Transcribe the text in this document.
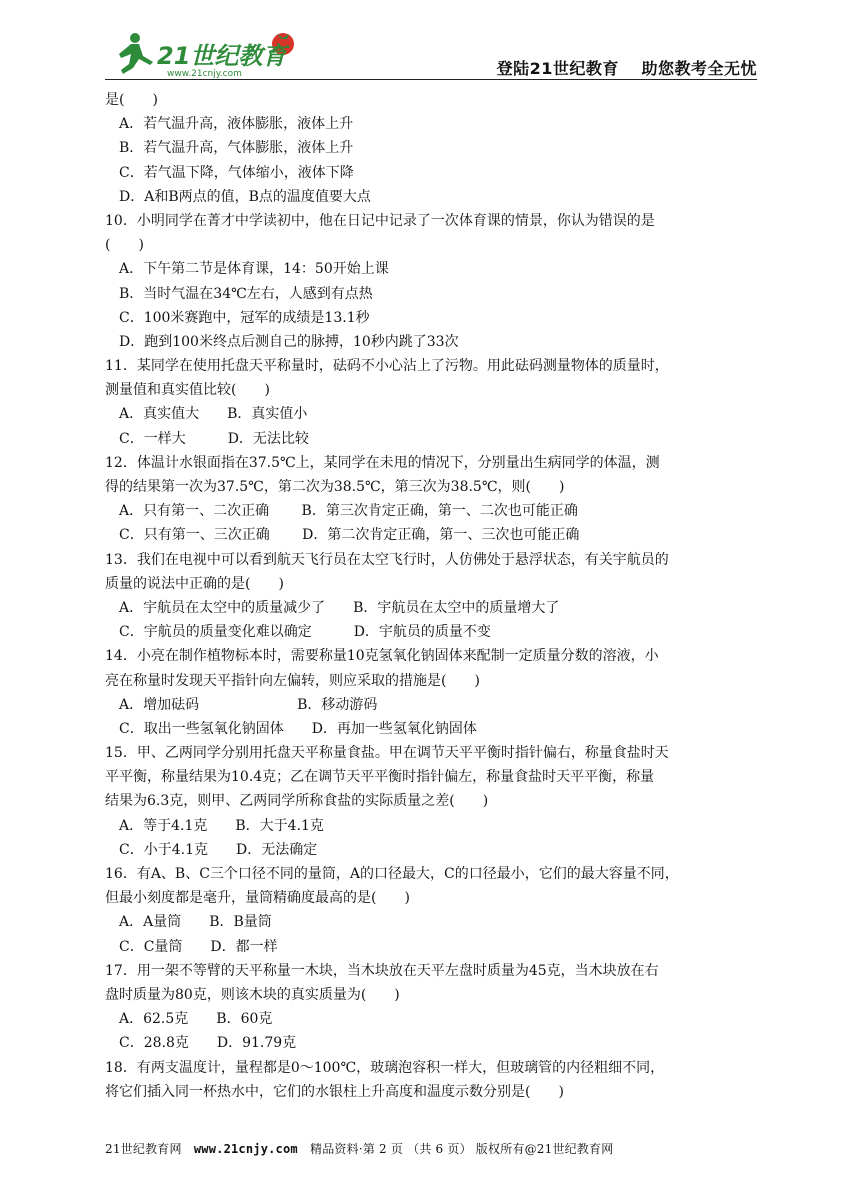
21世纪教育
www.21cnjy.com	登陆21世纪教育　 助您教考全无忧
是(　　)
A．若气温升高，液体膨胀，液体上升
B．若气温升高，气体膨胀，液体上升
C．若气温下降，气体缩小，液体下降
D．A和B两点的值，B点的温度值要大点
10．小明同学在菁才中学读初中，他在日记中记录了一次体育课的情景，你认为错误的是
(　　)
A．下午第二节是体育课，14：50开始上课
B．当时气温在34℃左右，人感到有点热
C．100米赛跑中，冠军的成绩是13.1秒
D．跑到100米终点后测自己的脉搏，10秒内跳了33次
11．某同学在使用托盘天平称量时，砝码不小心沾上了污物。用此砝码测量物体的质量时，
测量值和真实值比较(　　)
A．真实值大　　B．真实值小
C．一样大　　　D．无法比较
12．体温计水银面指在37.5℃上，某同学在未甩的情况下，分别量出生病同学的体温，测
得的结果第一次为37.5℃，第二次为38.5℃，第三次为38.5℃，则(　　)
A．只有第一、二次正确　　 B．第三次肯定正确，第一、二次也可能正确
C．只有第一、三次正确　　 D．第二次肯定正确，第一、三次也可能正确
13．我们在电视中可以看到航天飞行员在太空飞行时，人仿佛处于悬浮状态，有关宇航员的
质量的说法中正确的是(　　)
A．宇航员在太空中的质量减少了　　B．宇航员在太空中的质量增大了
C．宇航员的质量变化难以确定　　　D．宇航员的质量不变
14．小亮在制作植物标本时，需要称量10克氢氧化钠固体来配制一定质量分数的溶液，小
亮在称量时发现天平指针向左偏转，则应采取的措施是(　　)
A．增加砝码　　　　　　　B．移动游码
C．取出一些氢氧化钠固体　　D．再加一些氢氧化钠固体
15．甲、乙两同学分别用托盘天平称量食盐。甲在调节天平平衡时指针偏右，称量食盐时天
平平衡，称量结果为10.4克；乙在调节天平平衡时指针偏左，称量食盐时天平平衡，称量
结果为6.3克，则甲、乙两同学所称食盐的实际质量之差(　　)
A．等于4.1克　　B．大于4.1克
C．小于4.1克　　D．无法确定
16．有A、B、C三个口径不同的量筒，A的口径最大，C的口径最小，它们的最大容量不同，
但最小刻度都是毫升，量筒精确度最高的是(　　)
A．A量筒　　B．B量筒
C．C量筒　　D．都一样
17．用一架不等臂的天平称量一木块，当木块放在天平左盘时质量为45克，当木块放在右
盘时质量为80克，则该木块的真实质量为(　　)
A．62.5克　　B．60克
C．28.8克　　D．91.79克
18．有两支温度计，量程都是0～100℃，玻璃泡容积一样大，但玻璃管的内径粗细不同，
将它们插入同一杯热水中，它们的水银柱上升高度和温度示数分别是(　　)
21世纪教育网　www.21cnjy.com　精品资料·第 2 页 （共 6 页） 版权所有@21世纪教育网
